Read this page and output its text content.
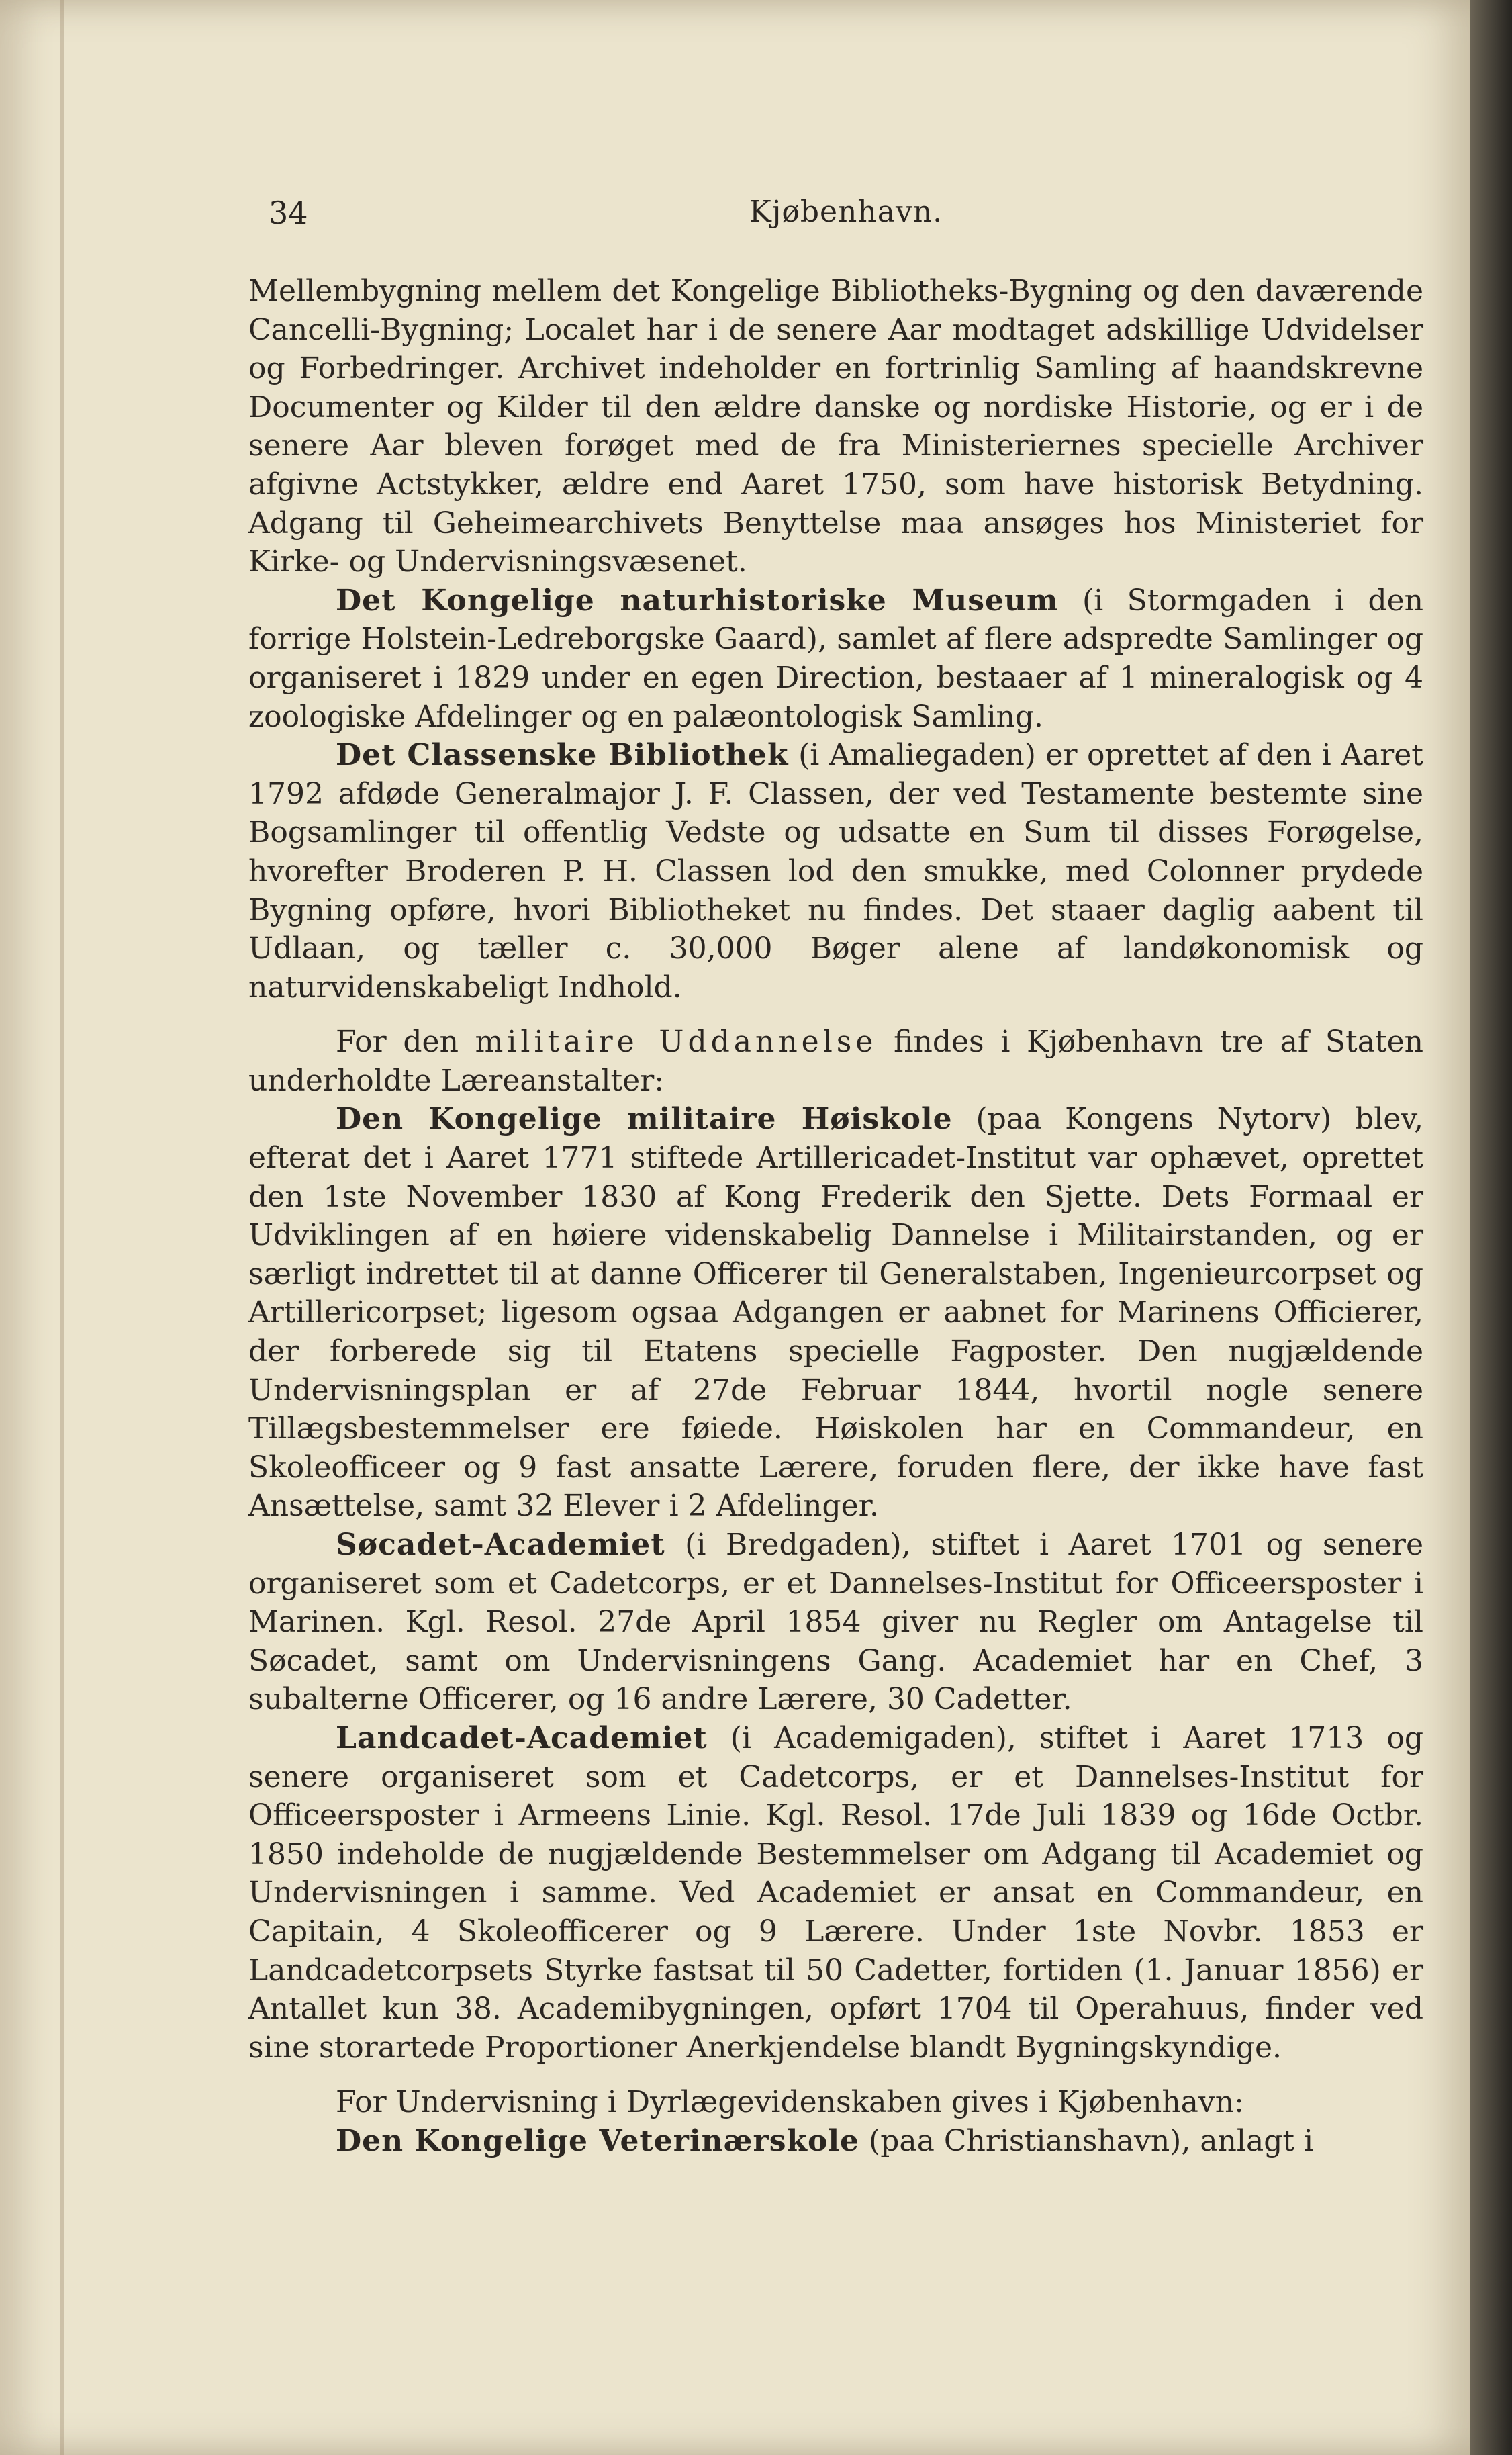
34	Kjøbenhavn.

Mellembygning mellem det Kongelige Bibliotheks-Bygning og den daværende Cancelli-Bygning; Localet har i de senere Aar modtaget adskillige Udvidelser og Forbedringer. Archivet indeholder en fortrinlig Samling af haandskrevne Documenter og Kilder til den ældre danske og nordiske Historie, og er i de senere Aar bleven forøget med de fra Ministeriernes specielle Archiver afgivne Actstykker, ældre end Aaret 1750, som have historisk Betydning. Adgang til Geheimearchivets Benyttelse maa ansøges hos Ministeriet for Kirke- og Undervisningsvæsenet.

Det Kongelige naturhistoriske Museum (i Stormgaden i den forrige Holstein-Ledreborgske Gaard), samlet af flere adspredte Samlinger og organiseret i 1829 under en egen Direction, bestaaer af 1 mineralogisk og 4 zoologiske Afdelinger og en palæontologisk Samling.

Det Classenske Bibliothek (i Amaliegaden) er oprettet af den i Aaret 1792 afdøde Generalmajor J. F. Classen, der ved Testamente bestemte sine Bogsamlinger til offentlig Vedste og udsatte en Sum til disses Forøgelse, hvorefter Broderen P. H. Classen lod den smukke, med Colonner prydede Bygning opføre, hvori Bibliotheket nu findes. Det staaer daglig aabent til Udlaan, og tæller c. 30,000 Bøger alene af landøkonomisk og naturvidenskabeligt Indhold.

For den militaire Uddannelse findes i Kjøbenhavn tre af Staten underholdte Læreanstalter:

Den Kongelige militaire Høiskole (paa Kongens Nytorv) blev, efterat det i Aaret 1771 stiftede Artillericadet-Institut var ophævet, oprettet den 1ste November 1830 af Kong Frederik den Sjette. Dets Formaal er Udviklingen af en høiere videnskabelig Dannelse i Militairstanden, og er særligt indrettet til at danne Officerer til Generalstaben, Ingenieurcorpset og Artillericorpset; ligesom ogsaa Adgangen er aabnet for Marinens Officierer, der forberede sig til Etatens specielle Fagposter. Den nugjældende Undervisningsplan er af 27de Februar 1844, hvortil nogle senere Tillægsbestemmelser ere føiede. Høiskolen har en Commandeur, en Skoleofficeer og 9 fast ansatte Lærere, foruden flere, der ikke have fast Ansættelse, samt 32 Elever i 2 Afdelinger.

Søcadet-Academiet (i Bredgaden), stiftet i Aaret 1701 og senere organiseret som et Cadetcorps, er et Dannelses-Institut for Officeersposter i Marinen. Kgl. Resol. 27de April 1854 giver nu Regler om Antagelse til Søcadet, samt om Undervisningens Gang. Academiet har en Chef, 3 subalterne Officerer, og 16 andre Lærere, 30 Cadetter.

Landcadet-Academiet (i Academigaden), stiftet i Aaret 1713 og senere organiseret som et Cadetcorps, er et Dannelses-Institut for Officeersposter i Armeens Linie. Kgl. Resol. 17de Juli 1839 og 16de Octbr. 1850 indeholde de nugjældende Bestemmelser om Adgang til Academiet og Undervisningen i samme. Ved Academiet er ansat en Commandeur, en Capitain, 4 Skoleofficerer og 9 Lærere. Under 1ste Novbr. 1853 er Landcadetcorpsets Styrke fastsat til 50 Cadetter, fortiden (1. Januar 1856) er Antallet kun 38. Academibygningen, opført 1704 til Operahuus, finder ved sine storartede Proportioner Anerkjendelse blandt Bygningskyndige.

For Undervisning i Dyrlægevidenskaben gives i Kjøbenhavn:

Den Kongelige Veterinærskole (paa Christianshavn), anlagt i
